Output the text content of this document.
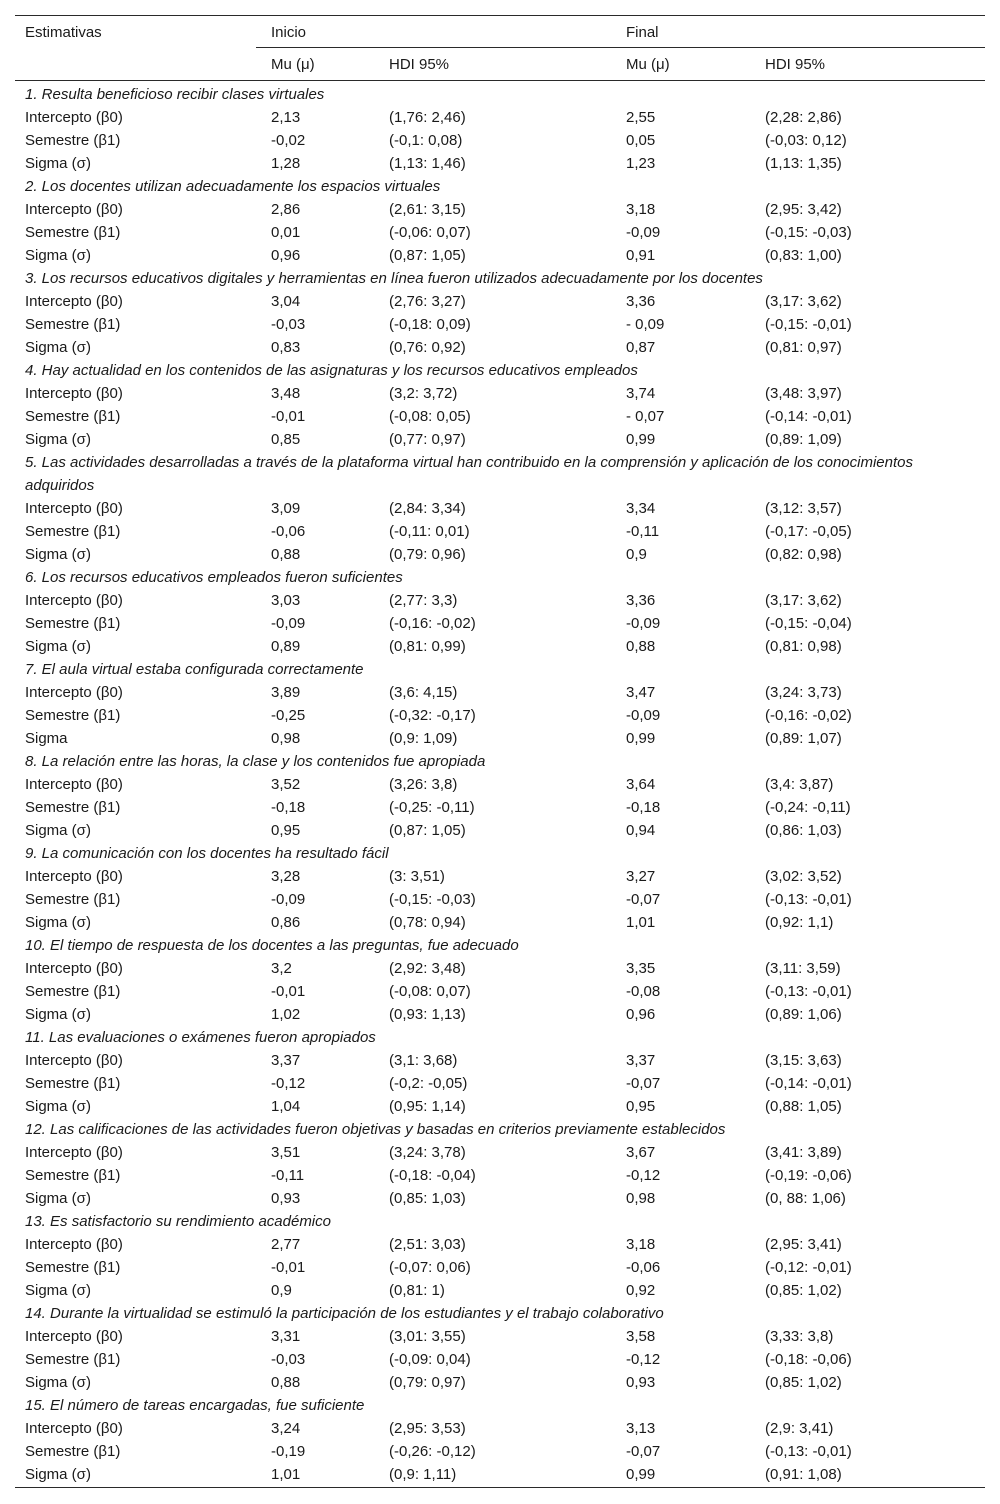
Estimativas	Inicio	Final
Mu (μ)	HDI 95%	Mu (μ)	HDI 95%
1. Resulta beneficioso recibir clases virtuales
Intercepto (β0)	2,13	(1,76: 2,46)	2,55	(2,28: 2,86)
Semestre (β1)	-0,02	(-0,1: 0,08)	0,05	(-0,03: 0,12)
Sigma (σ)	1,28	(1,13: 1,46)	1,23	(1,13: 1,35)
2. Los docentes utilizan adecuadamente los espacios virtuales
Intercepto (β0)	2,86	(2,61: 3,15)	3,18	(2,95: 3,42)
Semestre (β1)	0,01	(-0,06: 0,07)	-0,09	(-0,15: -0,03)
Sigma (σ)	0,96	(0,87: 1,05)	0,91	(0,83: 1,00)
3. Los recursos educativos digitales y herramientas en línea fueron utilizados adecuadamente por los docentes
Intercepto (β0)	3,04	(2,76: 3,27)	3,36	(3,17: 3,62)
Semestre (β1)	-0,03	(-0,18: 0,09)	- 0,09	(-0,15: -0,01)
Sigma (σ)	0,83	(0,76: 0,92)	0,87	(0,81: 0,97)
4. Hay actualidad en los contenidos de las asignaturas y los recursos educativos empleados
Intercepto (β0)	3,48	(3,2: 3,72)	3,74	(3,48: 3,97)
Semestre (β1)	-0,01	(-0,08: 0,05)	- 0,07	(-0,14: -0,01)
Sigma (σ)	0,85	(0,77: 0,97)	0,99	(0,89: 1,09)
5. Las actividades desarrolladas a través de la plataforma virtual han contribuido en la comprensión y aplicación de los conocimientos adquiridos
Intercepto (β0)	3,09	(2,84: 3,34)	3,34	(3,12: 3,57)
Semestre (β1)	-0,06	(-0,11: 0,01)	-0,11	(-0,17: -0,05)
Sigma (σ)	0,88	(0,79: 0,96)	0,9	(0,82: 0,98)
6. Los recursos educativos empleados fueron suficientes
Intercepto (β0)	3,03	(2,77: 3,3)	3,36	(3,17: 3,62)
Semestre (β1)	-0,09	(-0,16: -0,02)	-0,09	(-0,15: -0,04)
Sigma (σ)	0,89	(0,81: 0,99)	0,88	(0,81: 0,98)
7. El aula virtual estaba configurada correctamente
Intercepto (β0)	3,89	(3,6: 4,15)	3,47	(3,24: 3,73)
Semestre (β1)	-0,25	(-0,32: -0,17)	-0,09	(-0,16: -0,02)
Sigma	0,98	(0,9: 1,09)	0,99	(0,89: 1,07)
8. La relación entre las horas, la clase y los contenidos fue apropiada
Intercepto (β0)	3,52	(3,26: 3,8)	3,64	(3,4: 3,87)
Semestre (β1)	-0,18	(-0,25: -0,11)	-0,18	(-0,24: -0,11)
Sigma (σ)	0,95	(0,87: 1,05)	0,94	(0,86: 1,03)
9. La comunicación con los docentes ha resultado fácil
Intercepto (β0)	3,28	(3: 3,51)	3,27	(3,02: 3,52)
Semestre (β1)	-0,09	(-0,15: -0,03)	-0,07	(-0,13: -0,01)
Sigma (σ)	0,86	(0,78: 0,94)	1,01	(0,92: 1,1)
10. El tiempo de respuesta de los docentes a las preguntas, fue adecuado
Intercepto (β0)	3,2	(2,92: 3,48)	3,35	(3,11: 3,59)
Semestre (β1)	-0,01	(-0,08: 0,07)	-0,08	(-0,13: -0,01)
Sigma (σ)	1,02	(0,93: 1,13)	0,96	(0,89: 1,06)
11. Las evaluaciones o exámenes fueron apropiados
Intercepto (β0)	3,37	(3,1: 3,68)	3,37	(3,15: 3,63)
Semestre (β1)	-0,12	(-0,2: -0,05)	-0,07	(-0,14: -0,01)
Sigma (σ)	1,04	(0,95: 1,14)	0,95	(0,88: 1,05)
12. Las calificaciones de las actividades fueron objetivas y basadas en criterios previamente establecidos
Intercepto (β0)	3,51	(3,24: 3,78)	3,67	(3,41: 3,89)
Semestre (β1)	-0,11	(-0,18: -0,04)	-0,12	(-0,19: -0,06)
Sigma (σ)	0,93	(0,85: 1,03)	0,98	(0, 88: 1,06)
13. Es satisfactorio su rendimiento académico
Intercepto (β0)	2,77	(2,51: 3,03)	3,18	(2,95: 3,41)
Semestre (β1)	-0,01	(-0,07: 0,06)	-0,06	(-0,12: -0,01)
Sigma (σ)	0,9	(0,81: 1)	0,92	(0,85: 1,02)
14. Durante la virtualidad se estimuló la participación de los estudiantes y el trabajo colaborativo
Intercepto (β0)	3,31	(3,01: 3,55)	3,58	(3,33: 3,8)
Semestre (β1)	-0,03	(-0,09: 0,04)	-0,12	(-0,18: -0,06)
Sigma (σ)	0,88	(0,79: 0,97)	0,93	(0,85: 1,02)
15. El número de tareas encargadas, fue suficiente
Intercepto (β0)	3,24	(2,95: 3,53)	3,13	(2,9: 3,41)
Semestre (β1)	-0,19	(-0,26: -0,12)	-0,07	(-0,13: -0,01)
Sigma (σ)	1,01	(0,9: 1,11)	0,99	(0,91: 1,08)
